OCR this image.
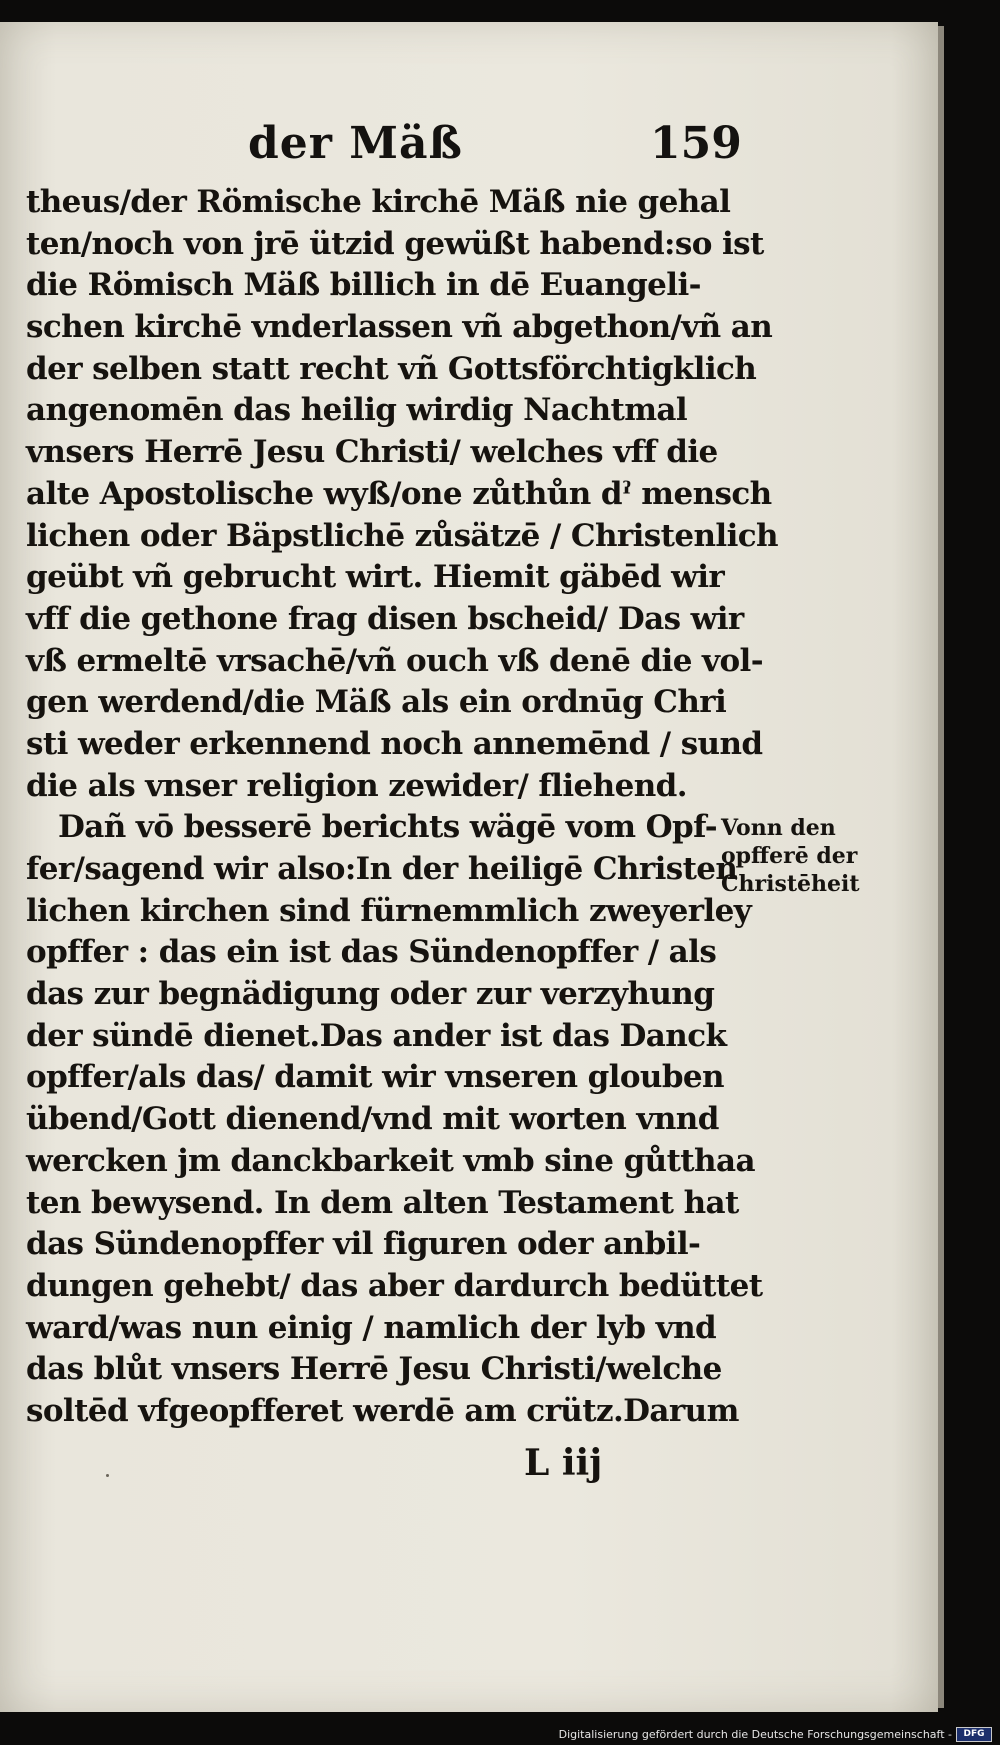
der Mäß	159
theus/der Römische kirchē Mäß nie gehal
ten/noch von jrē ützid gewüßt habend:so ist
die Römisch Mäß billich in dē Euangeli-
schen kirchē vnderlassen vñ abgethon/vñ an
der selben statt recht vñ Gottsförchtigklich
angenomēn das heilig wirdig Nachtmal
vnsers Herrē Jesu Christi/ welches vff die
alte Apostolische wyß/one zůthůn dˀ mensch
lichen oder Bäpstlichē zůsätzē / Christenlich
geübt vñ gebrucht wirt. Hiemit gäbēd wir
vff die gethone frag disen bscheid/ Das wir
vß ermeltē vrsachē/vñ ouch vß denē die vol-
gen werdend/die Mäß als ein ordnūg Chri
sti weder erkennend noch annemēnd / sund
die als vnser religion zewider/ fliehend.
Dañ vō besserē berichts wägē vom Opf-
fer/sagend wir also:In der heiligē Christen
lichen kirchen sind fürnemmlich zweyerley
opffer : das ein ist das Sündenopffer / als
das zur begnädigung oder zur verzyhung
der sündē dienet.Das ander ist das Danck
opffer/als das/ damit wir vnseren glouben
übend/Gott dienend/vnd mit worten vnnd
wercken jm danckbarkeit vmb sine gůtthaa
ten bewysend. In dem alten Testament hat
das Sündenopffer vil figuren oder anbil-
dungen gehebt/ das aber dardurch bedüttet
ward/was nun einig / namlich der lyb vnd
das blůt vnsers Herrē Jesu Christi/welche
soltēd vfgeopfferet werdē am crütz.Darum
Vonn den
opfferē der
Christēheit
L iij
Digitalisierung gefördert durch die Deutsche Forschungsgemeinschaft -	DFG
